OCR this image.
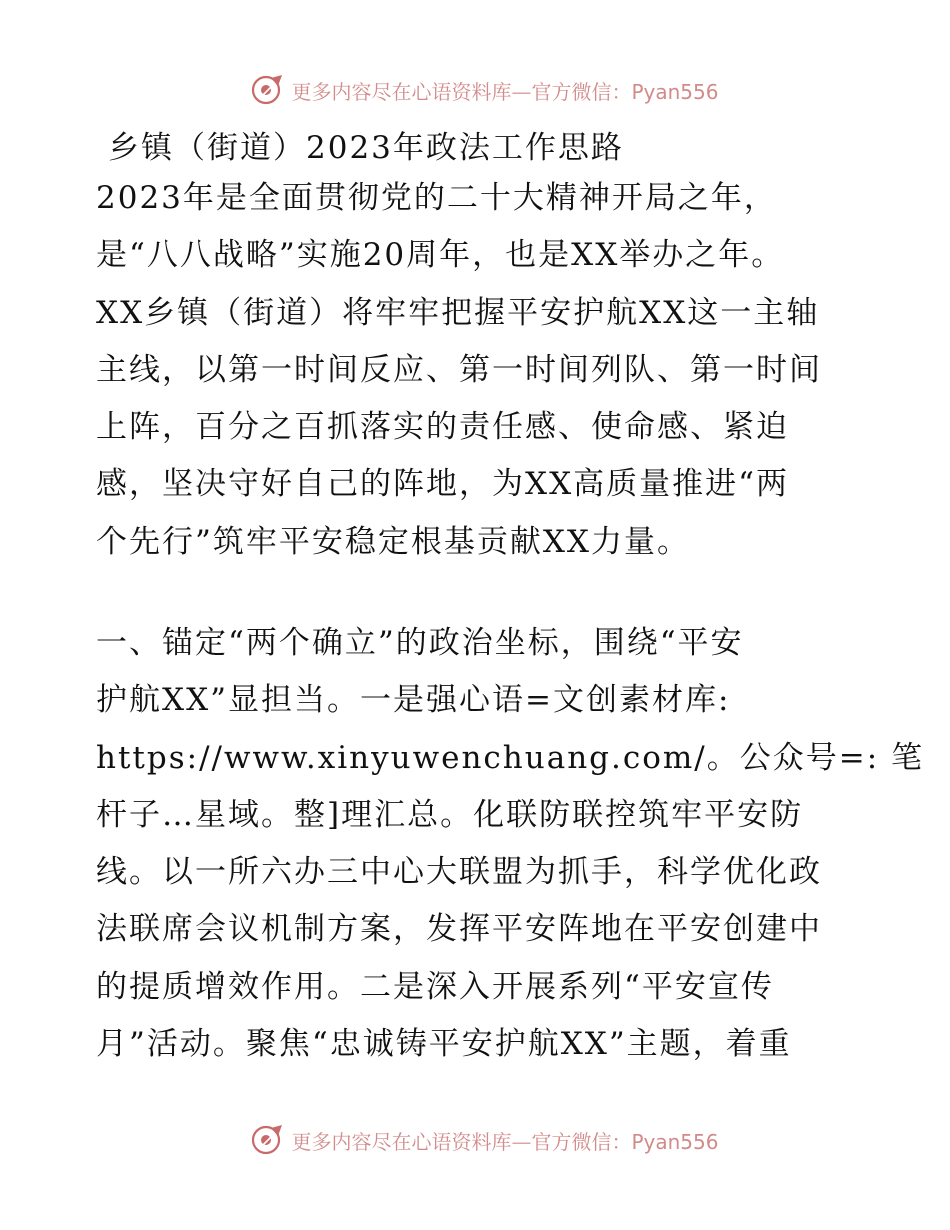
更多内容尽在心语资料库—官方微信：Pyan556
乡镇（街道）2023年政法工作思路
2023年是全面贯彻党的二十大精神开局之年，
是“八八战略”实施20周年，也是XX举办之年。
XX乡镇（街道）将牢牢把握平安护航XX这一主轴
主线，以第一时间反应、第一时间列队、第一时间
上阵，百分之百抓落实的责任感、使命感、紧迫
感，坚决守好自己的阵地，为XX高质量推进“两
个先行”筑牢平安稳定根基贡献XX力量。
一、锚定“两个确立”的政治坐标，围绕“平安
护航XX”显担当。一是强心语=文创素材库:
https://www.xinyuwenchuang.com/。公众号=: 笔
杆子…星域。整]理汇总。化联防联控筑牢平安防
线。以一所六办三中心大联盟为抓手，科学优化政
法联席会议机制方案，发挥平安阵地在平安创建中
的提质增效作用。二是深入开展系列“平安宣传
月”活动。聚焦“忠诚铸平安护航XX”主题，着重
更多内容尽在心语资料库—官方微信：Pyan556
